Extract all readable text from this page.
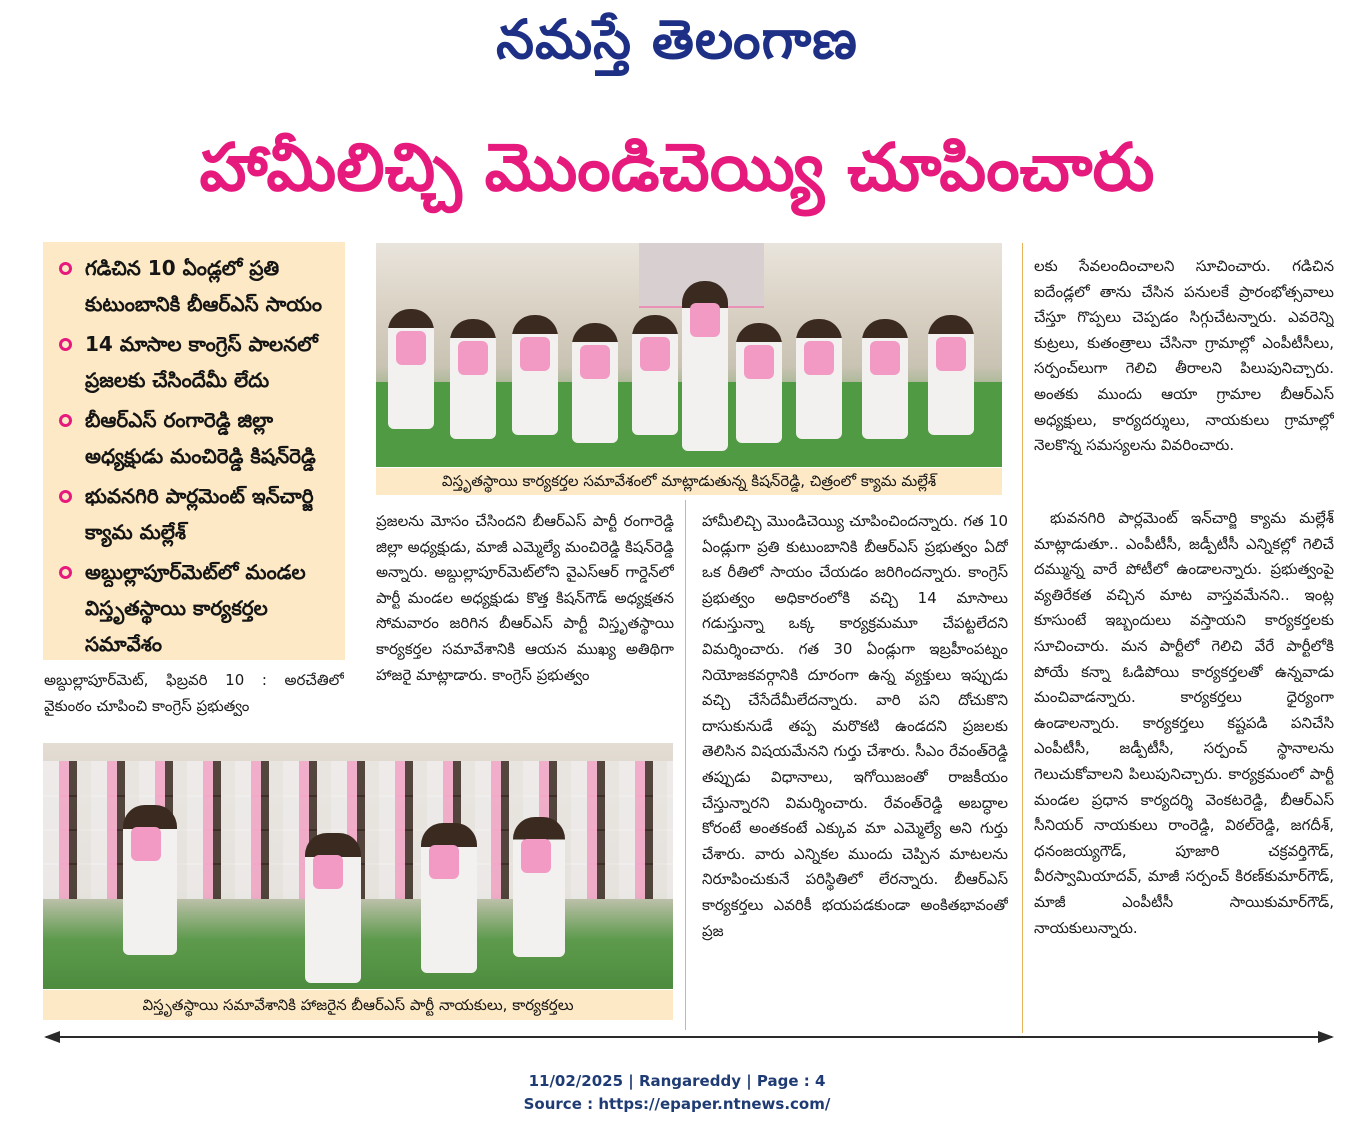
నమస్తే తెలంగాణ
హామీలిచ్చి మొండిచెయ్యి చూపించారు
గడిచిన 10 ఏండ్లలో ప్రతి కుటుంబానికి బీఆర్ఎస్ సాయం
14 మాసాల కాంగ్రెస్ పాలనలో ప్రజలకు చేసిందేమీ లేదు
బీఆర్ఎస్ రంగారెడ్డి జిల్లా అధ్యక్షుడు మంచిరెడ్డి కిషన్‌రెడ్డి
భువనగిరి పార్లమెంట్ ఇన్‌చార్జి క్యామ మల్లేశ్
అబ్దుల్లాపూర్‌మెట్‌లో మండల విస్తృతస్థాయి కార్యకర్తల సమావేశం
విస్తృతస్థాయి కార్యకర్తల సమావేశంలో మాట్లాడుతున్న కిషన్‌రెడ్డి, చిత్రంలో క్యామ మల్లేశ్
విస్తృతస్థాయి సమావేశానికి హాజరైన బీఆర్ఎస్ పార్టీ నాయకులు, కార్యకర్తలు
అబ్దుల్లాపూర్‌మెట్, ఫిబ్రవరి 10 : అరచేతిలో వైకుంఠం చూపించి కాంగ్రెస్ ప్రభుత్వం
ప్రజలను మోసం చేసిందని బీఆర్ఎస్ పార్టీ రంగారెడ్డి జిల్లా అధ్యక్షుడు, మాజీ ఎమ్మెల్యే మంచిరెడ్డి కిషన్‌రెడ్డి అన్నారు. అబ్దుల్లాపూర్‌మెట్‌లోని వైఎస్ఆర్ గార్డెన్‌లో పార్టీ మండల అధ్యక్షుడు కొత్త కిషన్‌గౌడ్ అధ్యక్షతన సోమవారం జరిగిన బీఆర్ఎస్ పార్టీ విస్తృతస్థాయి కార్యకర్తల సమావేశానికి ఆయన ముఖ్య అతిథిగా హాజరై మాట్లాడారు. కాంగ్రెస్ ప్రభుత్వం
హామీలిచ్చి మొండిచెయ్యి చూపించిందన్నారు. గత 10 ఏండ్లుగా ప్రతి కుటుంబానికి బీఆర్ఎస్ ప్రభుత్వం ఏదో ఒక రీతిలో సాయం చేయడం జరిగిందన్నారు. కాంగ్రెస్ ప్రభుత్వం అధికారంలోకి వచ్చి 14 మాసాలు గడుస్తున్నా ఒక్క కార్యక్రమమూ చేపట్టలేదని విమర్శించారు. గత 30 ఏండ్లుగా ఇబ్రహీంపట్నం నియోజకవర్గానికి దూరంగా ఉన్న వ్యక్తులు ఇప్పుడు వచ్చి చేసేదేమీలేదన్నారు. వారి పని దోచుకొని దాసుకునుడే తప్ప మరొకటి ఉండదని ప్రజలకు తెలిసిన విషయమేనని గుర్తు చేశారు. సీఎం రేవంత్‌రెడ్డి తప్పుడు విధానాలు, ఇగోయిజంతో రాజకీయం చేస్తున్నారని విమర్శించారు. రేవంత్‌రెడ్డి అబద్ధాల కోరంటే అంతకంటే ఎక్కువ మా ఎమ్మెల్యే అని గుర్తు చేశారు. వారు ఎన్నికల ముందు చెప్పిన మాటలను నిరూపించుకునే పరిస్థితిలో లేరన్నారు. బీఆర్ఎస్ కార్యకర్తలు ఎవరికీ భయపడకుండా అంకితభావంతో ప్రజ
లకు సేవలందించాలని సూచించారు. గడిచిన ఐదేండ్లలో తాను చేసిన పనులకే ప్రారంభోత్సవాలు చేస్తూ గొప్పలు చెప్పడం సిగ్గుచేటన్నారు. ఎవరెన్ని కుట్రలు, కుతంత్రాలు చేసినా గ్రామాల్లో ఎంపీటీసీలు, సర్పంచ్‌లుగా గెలిచి తీరాలని పిలుపునిచ్చారు. అంతకు ముందు ఆయా గ్రామాల బీఆర్ఎస్ అధ్యక్షులు, కార్యదర్శులు, నాయకులు గ్రామాల్లో నెలకొన్న సమస్యలను వివరించారు.
భువనగిరి పార్లమెంట్ ఇన్‌చార్జి క్యామ మల్లేశ్ మాట్లాడుతూ.. ఎంపీటీసీ, జడ్పీటీసీ ఎన్నికల్లో గెలిచే దమ్మున్న వారే పోటీలో ఉండాలన్నారు. ప్రభుత్వంపై వ్యతిరేకత వచ్చిన మాట వాస్తవమేనని.. ఇంట్ల కూసుంటే ఇబ్బందులు వస్తాయని కార్యకర్తలకు సూచించారు. మన పార్టీలో గెలిచి వేరే పార్టీలోకి పోయే కన్నా ఓడిపోయి కార్యకర్తలతో ఉన్నవాడు మంచివాడన్నారు. కార్యకర్తలు ధైర్యంగా ఉండాలన్నారు. కార్యకర్తలు కష్టపడి పనిచేసి ఎంపీటీసీ, జడ్పీటీసీ, సర్పంచ్ స్థానాలను గెలుచుకోవాలని పిలుపునిచ్చారు. కార్యక్రమంలో పార్టీ మండల ప్రధాన కార్యదర్శి వెంకటరెడ్డి, బీఆర్ఎస్ సీనియర్ నాయకులు రాంరెడ్డి, విఠల్‌రెడ్డి, జగదీశ్, ధనంజయ్యగౌడ్, పూజారి చక్రవర్తిగౌడ్, వీరస్వామియాదవ్, మాజీ సర్పంచ్ కిరణ్‌కుమార్‌గౌడ్, మాజీ ఎంపీటీసీ సాయికుమార్‌గౌడ్, నాయకులున్నారు.
11/02/2025 | Rangareddy | Page : 4
Source : https://epaper.ntnews.com/
